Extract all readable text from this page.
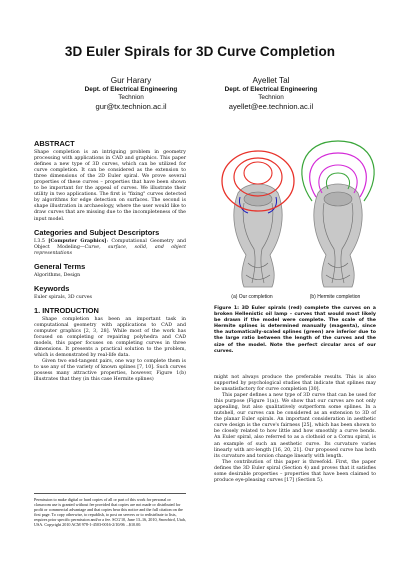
3D Euler Spirals for 3D Curve Completion
Gur Harary
Dept. of Electrical Engineering
Technion
gur@tx.technion.ac.il
Ayellet Tal
Dept. of Electrical Engineering
Technion
ayellet@ee.technion.ac.il
ABSTRACT

Shape completion is an intriguing problem in geometry processing with applications in CAD and graphics. This paper defines a new type of 3D curves, which can be utilized for curve completion. It can be considered as the extension to three dimensions of the 2D Euler spiral. We prove several properties of these curves – properties that have been shown to be important for the appeal of curves. We illustrate their utility in two applications. The first is "fixing" curves detected by algorithms for edge detection on surfaces. The second is shape illustration in archaeology, where the user would like to draw curves that are missing due to the incompleteness of the input model.

Categories and Subject Descriptors

I.3.5 [Computer Graphics]: Computational Geometry and Object Modeling—Curve, surface, solid, and object representations

General Terms

Algorithms, Design

Keywords

Euler spirals, 3D curves

1. INTRODUCTION

Shape completion has been an important task in computational geometry with applications to CAD and computer graphics [2, 3, 28]. While most of the work has focused on completing or repairing polyhedra and CAD models, this paper focuses on completing curves in three dimensions. It presents a practical solution to the problem, which is demonstrated by real-life data.

Given two end-tangent pairs, one way to complete them is to use any of the variety of known splines [7, 10]. Such curves possess many attractive properties, however, Figure 1(b) illustrates that they (in this case Hermite splines)

Permission to make digital or hard copies of all or part of this work for personal or classroom use is granted without fee provided that copies are not made or distributed for profit or commercial advantage and that copies bear this notice and the full citation on the first page. To copy otherwise, to republish, to post on servers or to redistribute to lists, requires prior specific permission and/or a fee. SCG'10, June 13–16, 2010, Snowbird, Utah, USA. Copyright 2010 ACM 978-1-4503-0016-2/10/06 ...$10.00.
(a) Our completion	(b) Hermite completion
Figure 1: 3D Euler spirals (red) complete the curves on a broken Hellenistic oil lamp – curves that would most likely be drawn if the model were complete. The scale of the Hermite splines is determined manually (magenta), since the automatically-scaled splines (green) are inferior due to the large ratio between the length of the curves and the size of the model. Note the perfect circular arcs of our curves.

might not always produce the preferable results. This is also supported by psychological studies that indicate that splines may be unsatisfactory for curve completion [30].

This paper defines a new type of 3D curve that can be used for this purpose (Figure 1(a)). We show that our curves are not only appealing, but also qualitatively outperform some splines. In a nutshell, our curves can be considered as an extension to 3D of the planar Euler spirals. An important consideration in aesthetic curve design is the curve's fairness [25], which has been shown to be closely related to how little and how smoothly a curve bends. An Euler spiral, also referred to as a clothoid or a Cornu spiral, is an example of such an aesthetic curve. Its curvature varies linearly with arc-length [16, 20, 21]. Our proposed curve has both its curvature and torsion change linearly with length.

The contribution of this paper is threefold. First, the paper defines the 3D Euler spiral (Section 4) and proves that it satisfies some desirable properties – properties that have been claimed to produce eye-pleasing curves [17] (Section 5).
